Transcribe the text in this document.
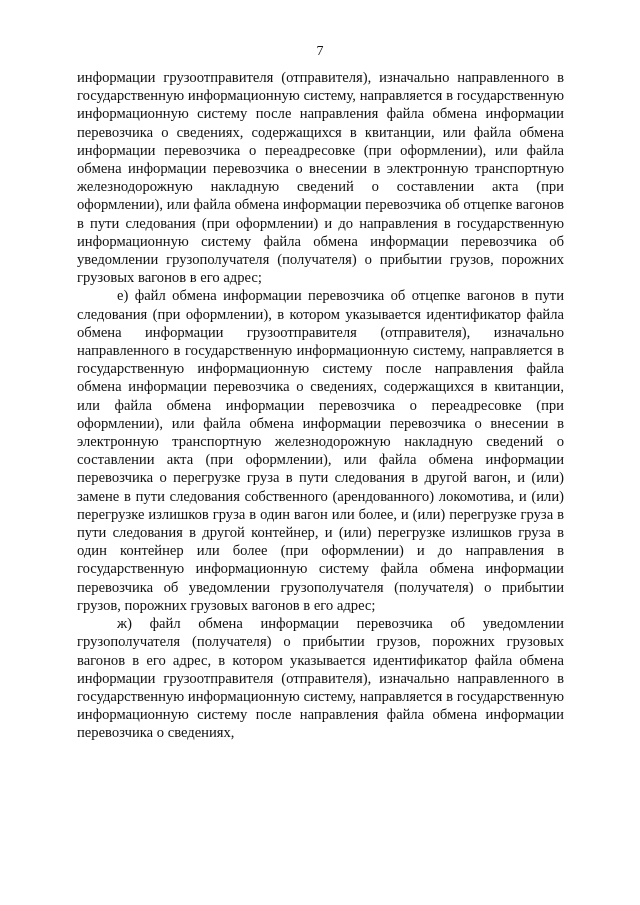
7

информации грузоотправителя (отправителя), изначально направленного в государственную информационную систему, направляется в государственную информационную систему после направления файла обмена информации перевозчика о сведениях, содержащихся в квитанции, или файла обмена информации перевозчика о переадресовке (при оформлении), или файла обмена информации перевозчика о внесении в электронную транспортную железнодорожную накладную сведений о составлении акта (при оформлении), или файла обмена информации перевозчика об отцепке вагонов в пути следования (при оформлении) и до направления в государственную информационную систему файла обмена информации перевозчика об уведомлении грузополучателя (получателя) о прибытии грузов, порожних грузовых вагонов в его адрес;

е) файл обмена информации перевозчика об отцепке вагонов в пути следования (при оформлении), в котором указывается идентификатор файла обмена информации грузоотправителя (отправителя), изначально направленного в государственную информационную систему, направляется в государственную информационную систему после направления файла обмена информации перевозчика о сведениях, содержащихся в квитанции, или файла обмена информации перевозчика о переадресовке (при оформлении), или файла обмена информации перевозчика о внесении в электронную транспортную железнодорожную накладную сведений о составлении акта (при оформлении), или файла обмена информации перевозчика о перегрузке груза в пути следования в другой вагон, и (или) замене в пути следования собственного (арендованного) локомотива, и (или) перегрузке излишков груза в один вагон или более, и (или) перегрузке груза в пути следования в другой контейнер, и (или) перегрузке излишков груза в один контейнер или более (при оформлении) и до направления в государственную информационную систему файла обмена информации перевозчика об уведомлении грузополучателя (получателя) о прибытии грузов, порожних грузовых вагонов в его адрес;

ж) файл обмена информации перевозчика об уведомлении грузополучателя (получателя) о прибытии грузов, порожних грузовых вагонов в его адрес, в котором указывается идентификатор файла обмена информации грузоотправителя (отправителя), изначально направленного в государственную информационную систему, направляется в государственную информационную систему после направления файла обмена информации перевозчика о сведениях,
